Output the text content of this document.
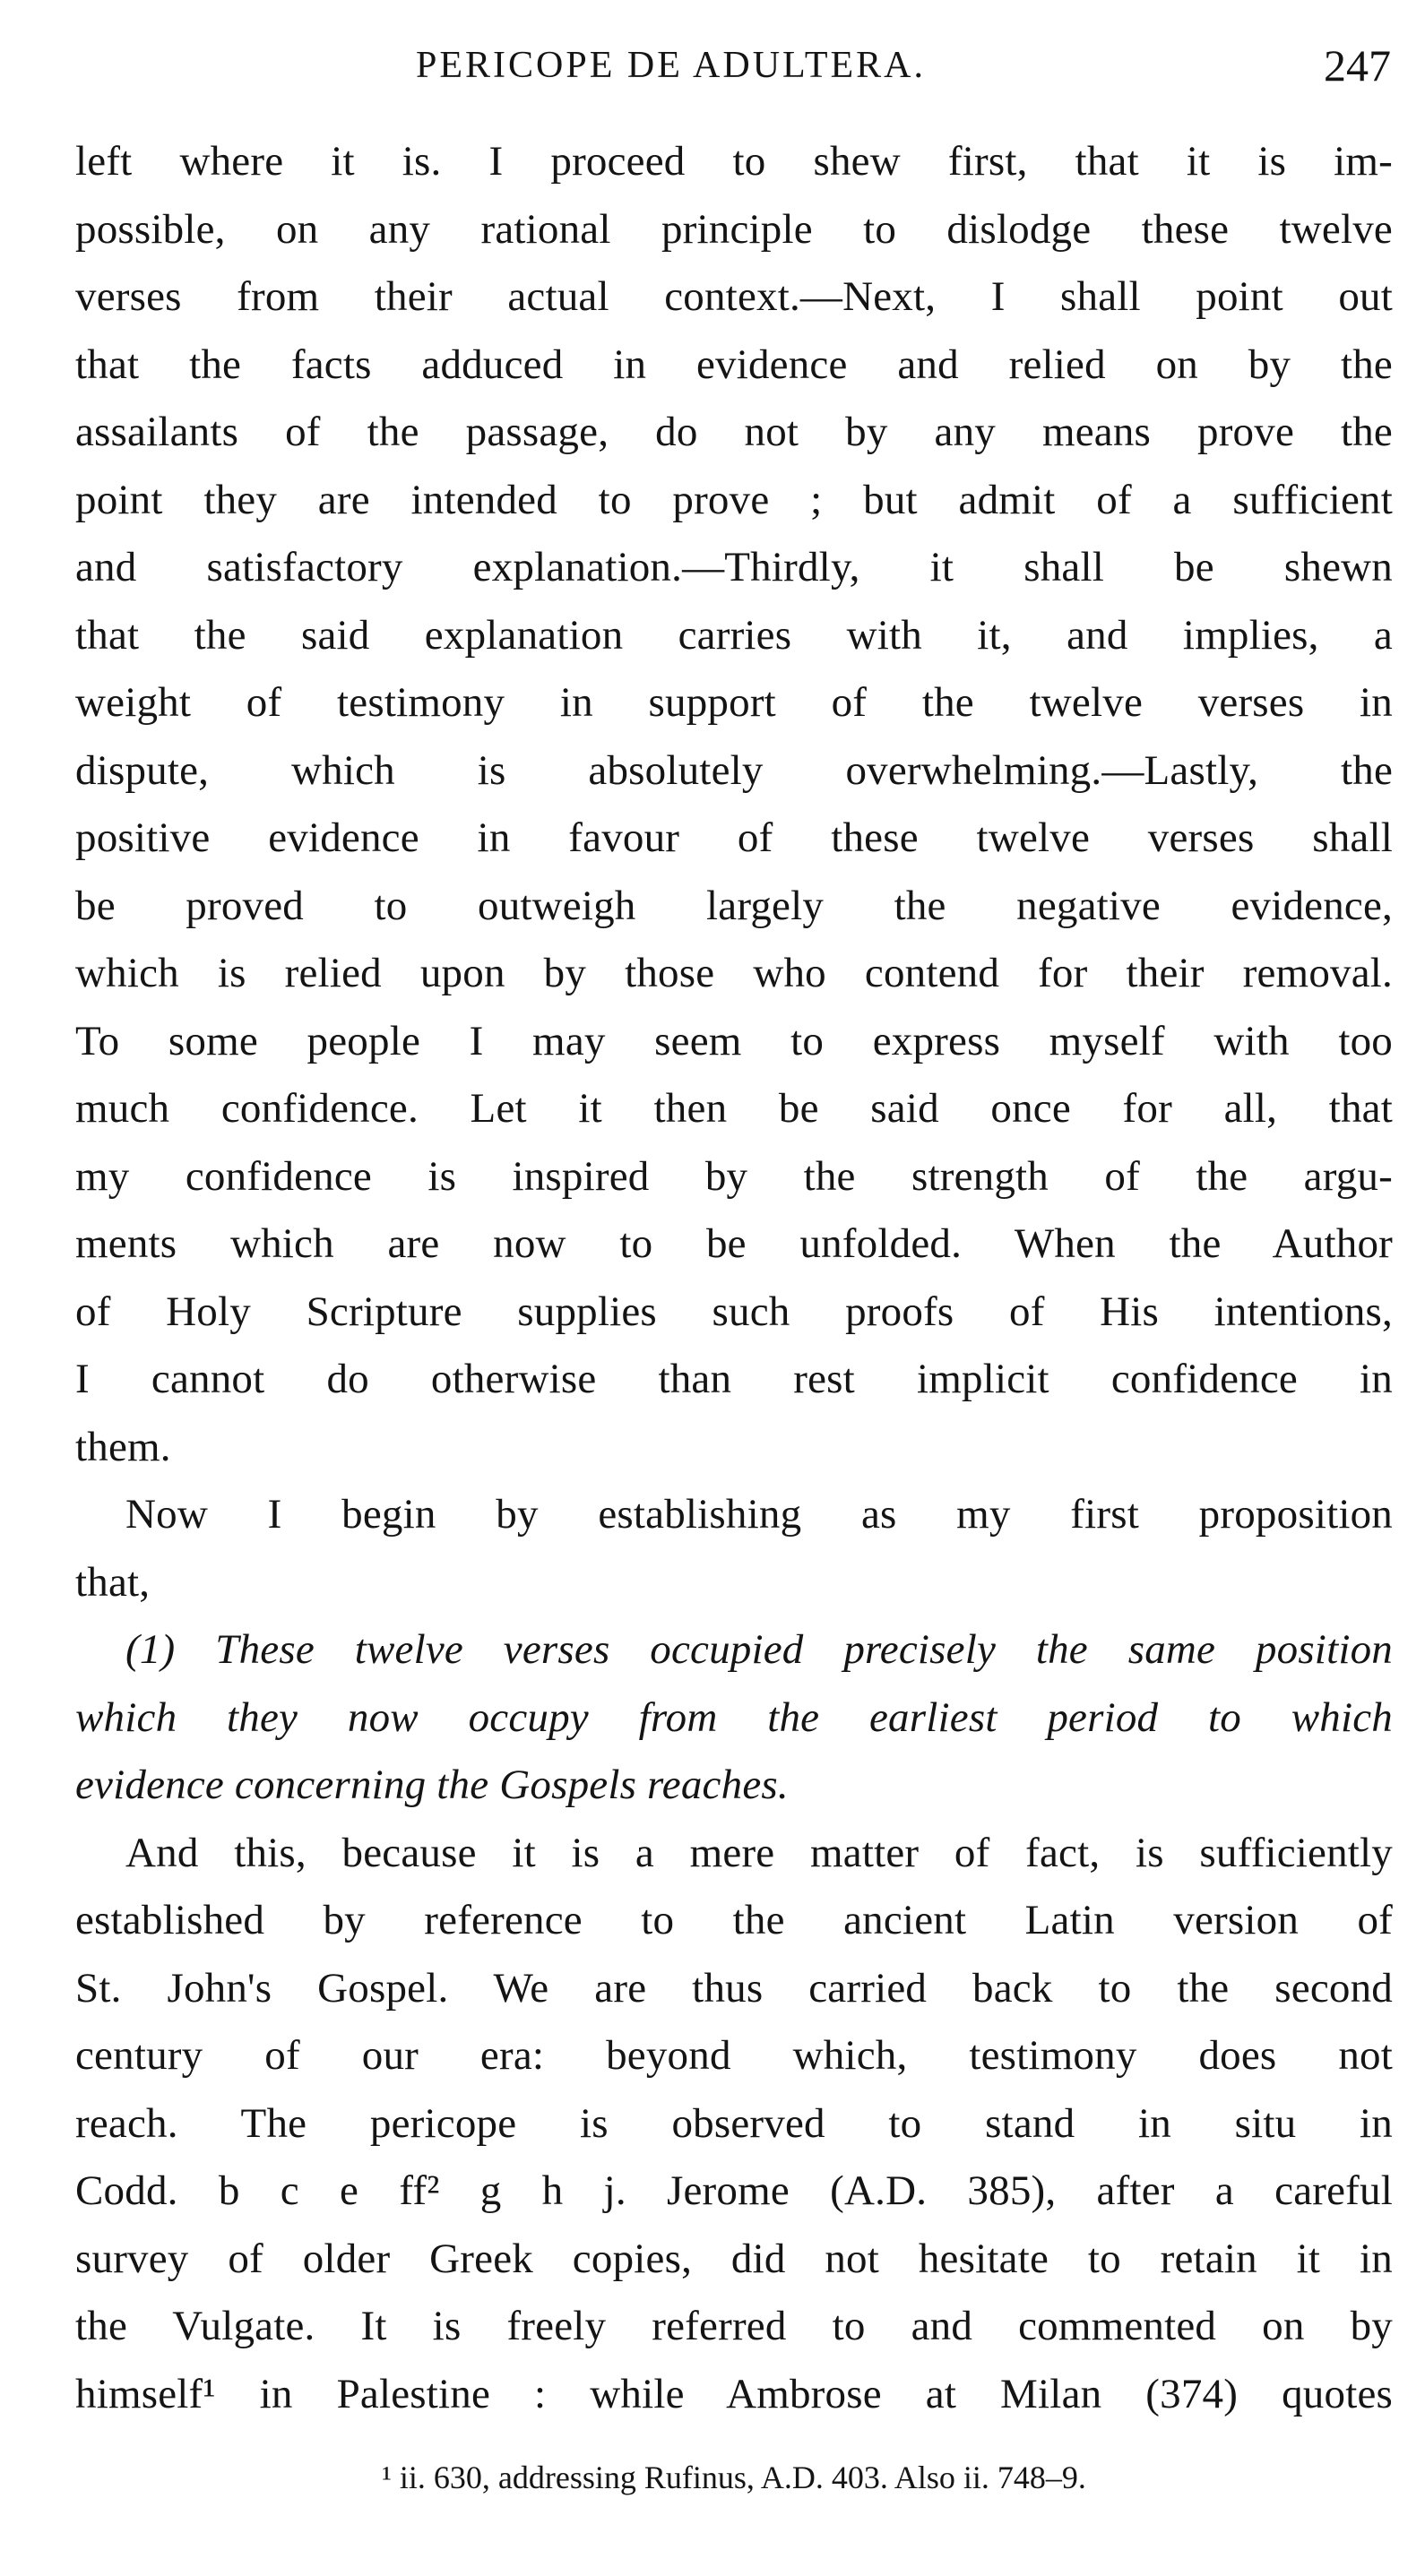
PERICOPE DE ADULTERA.	247
left where it is. I proceed to shew first, that it is im-
possible, on any rational principle to dislodge these twelve
verses from their actual context.—Next, I shall point out
that the facts adduced in evidence and relied on by the
assailants of the passage, do not by any means prove the
point they are intended to prove ; but admit of a sufficient
and satisfactory explanation.—Thirdly, it shall be shewn
that the said explanation carries with it, and implies, a
weight of testimony in support of the twelve verses in
dispute, which is absolutely overwhelming.—Lastly, the
positive evidence in favour of these twelve verses shall
be proved to outweigh largely the negative evidence,
which is relied upon by those who contend for their removal.
To some people I may seem to express myself with too
much confidence. Let it then be said once for all, that
my confidence is inspired by the strength of the argu-
ments which are now to be unfolded. When the Author
of Holy Scripture supplies such proofs of His intentions,
I cannot do otherwise than rest implicit confidence in
them.
Now I begin by establishing as my first proposition
that,
(1) These twelve verses occupied precisely the same position
which they now occupy from the earliest period to which
evidence concerning the Gospels reaches.
And this, because it is a mere matter of fact, is sufficiently
established by reference to the ancient Latin version of
St. John's Gospel. We are thus carried back to the second
century of our era: beyond which, testimony does not
reach. The pericope is observed to stand in situ in
Codd. b c e ff² g h j. Jerome (A.D. 385), after a careful
survey of older Greek copies, did not hesitate to retain it in
the Vulgate. It is freely referred to and commented on by
himself¹ in Palestine : while Ambrose at Milan (374) quotes
¹ ii. 630, addressing Rufinus, A.D. 403. Also ii. 748–9.
